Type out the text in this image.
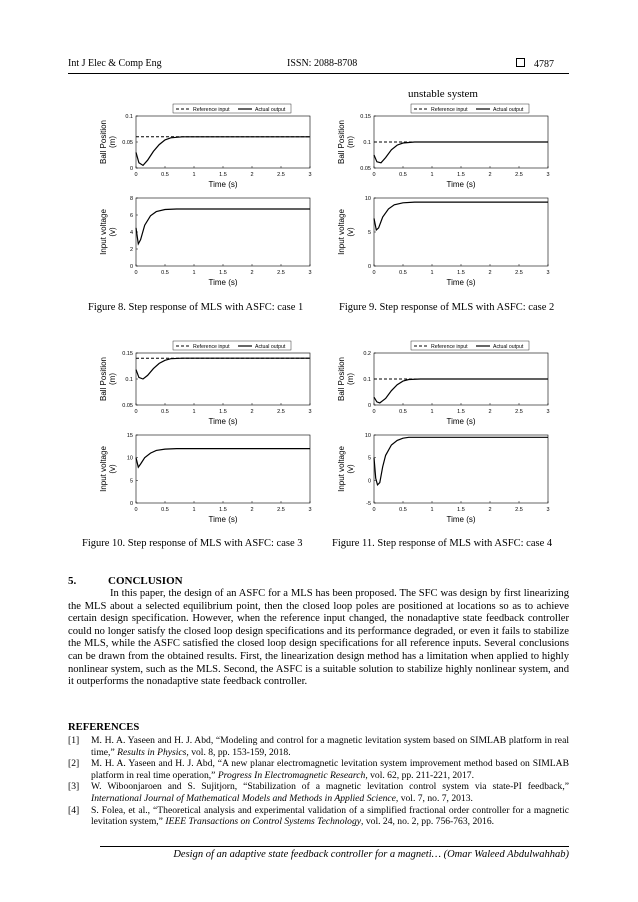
Int J Elec & Comp Eng	ISSN: 2088-8708	4787
unstable system
0	0.5	1	1.5	2	2.5	3
0
0.05
0.1
Time (s)
Ball Position (m)
Reference input	Actual output
0	0.5	1	1.5	2	2.5	3
0
2
4
6
8
Time (s)
Input voltage (v)
0	0.5	1	1.5	2	2.5	3
0.05
0.1
0.15
Time (s)
Ball Position (m)
Reference input	Actual output
0	0.5	1	1.5	2	2.5	3
0
5
10
Time (s)
Input voltage (v)
0	0.5	1	1.5	2	2.5	3
0.05
0.1
0.15
Time (s)
Ball Position (m)
Reference input	Actual output
0	0.5	1	1.5	2	2.5	3
0
5
10
15
Time (s)
Input voltage (v)
0	0.5	1	1.5	2	2.5	3
0
0.1
0.2
Time (s)
Ball Position (m)
Reference input	Actual output
0	0.5	1	1.5	2	2.5	3
-5
0
5
10
Time (s)
Input voltage (v)
Figure 8. Step response of MLS with ASFC: case 1	Figure 9. Step response of MLS with ASFC: case 2
Figure 10. Step response of MLS with ASFC: case 3	Figure 11. Step response of MLS with ASFC: case 4
5.	CONCLUSION
In this paper, the design of an ASFC for a MLS has been proposed. The SFC was design by first linearizing the MLS about a selected equilibrium point, then the closed loop poles are positioned at locations so as to achieve certain design specification. However, when the reference input changed, the nonadaptive state feedback controller could no longer satisfy the closed loop design specifications and its performance degraded, or even it fails to stabilize the MLS, while the ASFC satisfied the closed loop design specifications for all reference inputs. Several conclusions can be drawn from the obtained results. First, the linearization design method has a limitation when applied to highly nonlinear system, such as the MLS. Second, the ASFC is a suitable solution to stabilize highly nonlinear system, and it outperforms the nonadaptive state feedback controller.
REFERENCES
[1] M. H. A. Yaseen and H. J. Abd, “Modeling and control for a magnetic levitation system based on SIMLAB platform in real time,” Results in Physics, vol. 8, pp. 153-159, 2018.
[2] M. H. A. Yaseen and H. J. Abd, “A new planar electromagnetic levitation system improvement method based on SIMLAB platform in real time operation,” Progress In Electromagnetic Research, vol. 62, pp. 211-221, 2017.
[3] W. Wiboonjaroen and S. Sujitjorn, “Stabilization of a magnetic levitation control system via state-PI feedback,” International Journal of Mathematical Models and Methods in Applied Science, vol. 7, no. 7, 2013.
[4] S. Folea, et al., “Theoretical analysis and experimental validation of a simplified fractional order controller for a magnetic levitation system,” IEEE Transactions on Control Systems Technology, vol. 24, no. 2, pp. 756-763, 2016.
Design of an adaptive state feedback controller for a magneti… (Omar Waleed Abdulwahhab)
